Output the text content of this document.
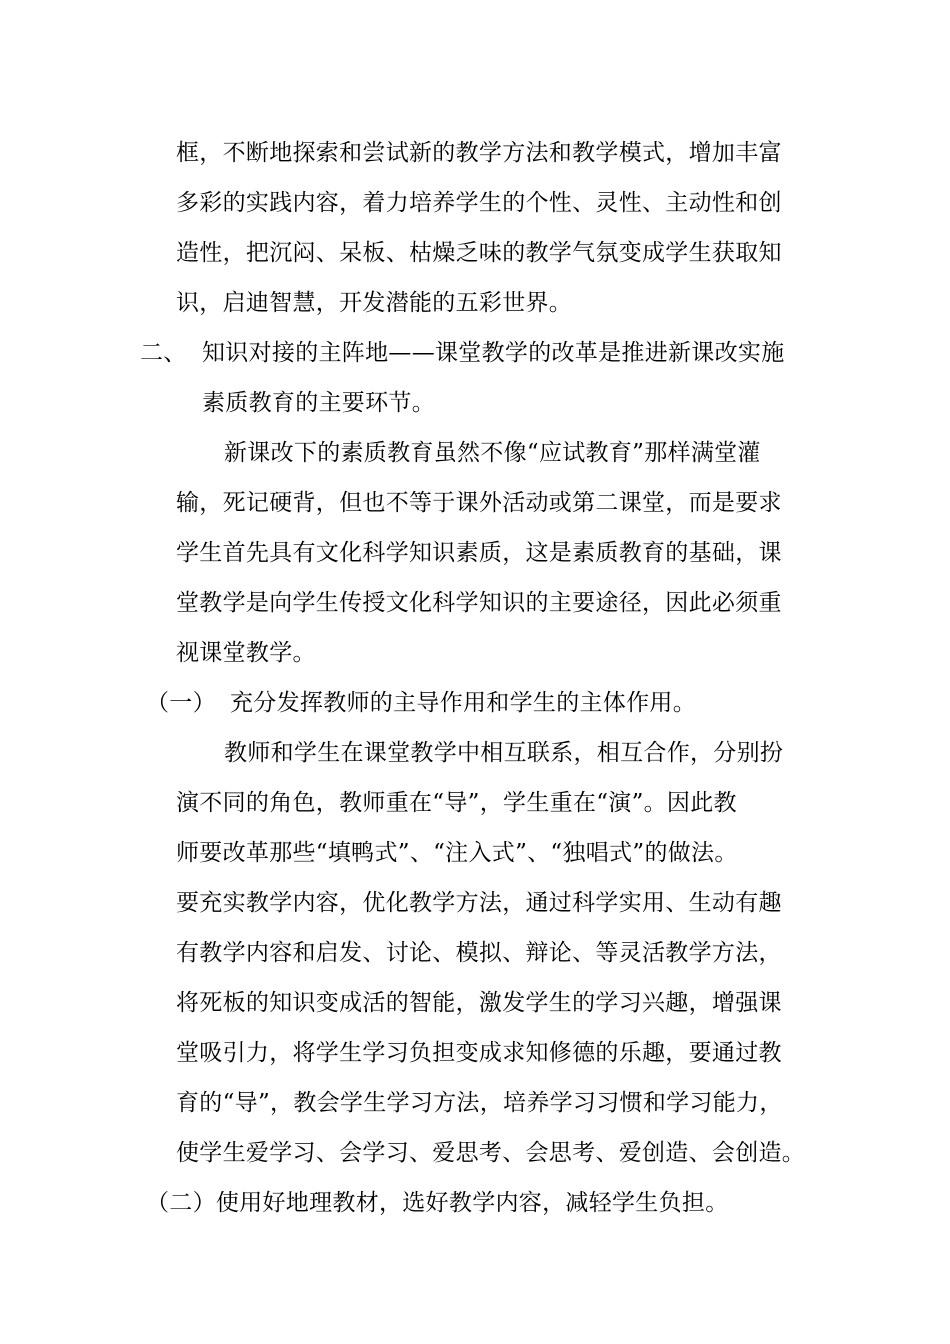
框，不断地探索和尝试新的教学方法和教学模式，增加丰富
多彩的实践内容，着力培养学生的个性、灵性、主动性和创
造性，把沉闷、呆板、枯燥乏味的教学气氛变成学生获取知
识，启迪智慧，开发潜能的五彩世界。
二、 知识对接的主阵地——课堂教学的改革是推进新课改实施
素质教育的主要环节。
新课改下的素质教育虽然不像“应试教育”那样满堂灌
输，死记硬背，但也不等于课外活动或第二课堂，而是要求
学生首先具有文化科学知识素质，这是素质教育的基础，课
堂教学是向学生传授文化科学知识的主要途径，因此必须重
视课堂教学。
（一） 充分发挥教师的主导作用和学生的主体作用。
教师和学生在课堂教学中相互联系，相互合作，分别扮
演不同的角色，教师重在“导”，学生重在“演”。因此教
师要改革那些“填鸭式”、“注入式”、“独唱式”的做法。
要充实教学内容，优化教学方法，通过科学实用、生动有趣
有教学内容和启发、讨论、模拟、辩论、等灵活教学方法，
将死板的知识变成活的智能，激发学生的学习兴趣，增强课
堂吸引力，将学生学习负担变成求知修德的乐趣，要通过教
育的“导”，教会学生学习方法，培养学习习惯和学习能力，
使学生爱学习、会学习、爱思考、会思考、爱创造、会创造。
（二）使用好地理教材，选好教学内容，减轻学生负担。
